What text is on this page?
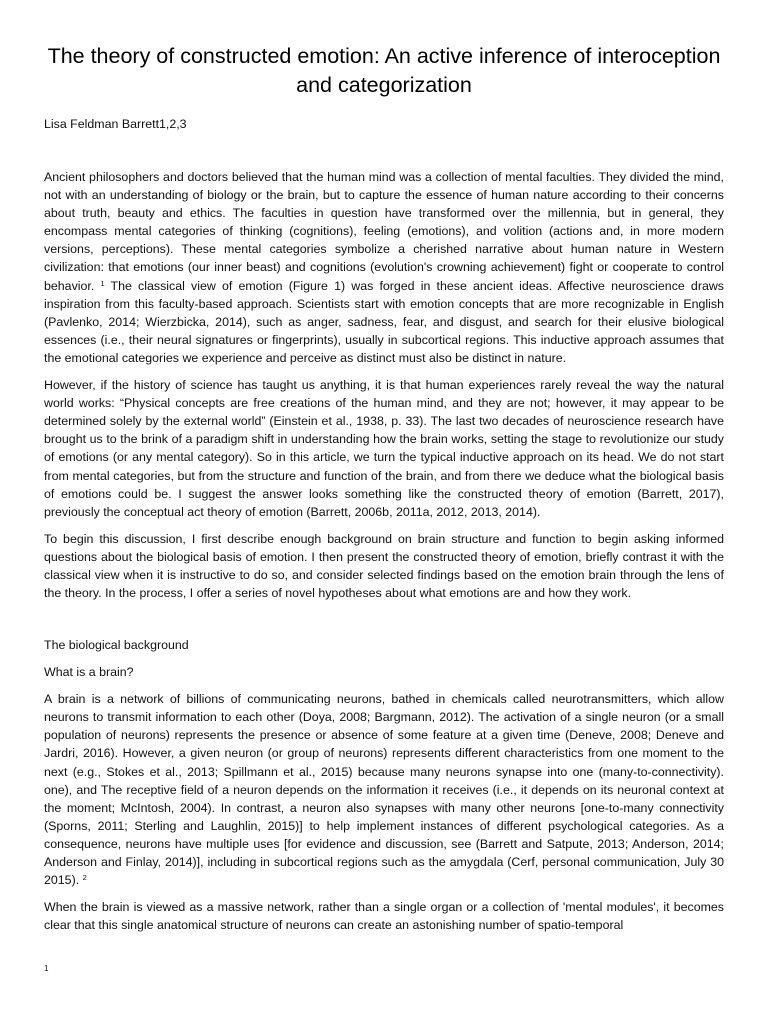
The theory of constructed emotion: An active inference of interoception and categorization

Lisa Feldman Barrett1,2,3

Ancient philosophers and doctors believed that the human mind was a collection of mental faculties. They divided the mind, not with an understanding of biology or the brain, but to capture the essence of human nature according to their concerns about truth, beauty and ethics. The faculties in question have transformed over the millennia, but in general, they encompass mental categories of thinking (cognitions), feeling (emotions), and volition (actions and, in more modern versions, perceptions). These mental categories symbolize a cherished narrative about human nature in Western civilization: that emotions (our inner beast) and cognitions (evolution's crowning achievement) fight or cooperate to control behavior. $^1$ The classical view of emotion (Figure 1) was forged in these ancient ideas. Affective neuroscience draws inspiration from this faculty-based approach. Scientists start with emotion concepts that are more recognizable in English (Pavlenko, 2014; Wierzbicka, 2014), such as anger, sadness, fear, and disgust, and search for their elusive biological essences (i.e., their neural signatures or fingerprints), usually in subcortical regions. This inductive approach assumes that the emotional categories we experience and perceive as distinct must also be distinct in nature.

However, if the history of science has taught us anything, it is that human experiences rarely reveal the way the natural world works: “Physical concepts are free creations of the human mind, and they are not; however, it may appear to be determined solely by the external world” (Einstein et al., 1938, p. 33). The last two decades of neuroscience research have brought us to the brink of a paradigm shift in understanding how the brain works, setting the stage to revolutionize our study of emotions (or any mental category). So in this article, we turn the typical inductive approach on its head. We do not start from mental categories, but from the structure and function of the brain, and from there we deduce what the biological basis of emotions could be. I suggest the answer looks something like the constructed theory of emotion (Barrett, 2017), previously the conceptual act theory of emotion (Barrett, 2006b, 2011a, 2012, 2013, 2014).

To begin this discussion, I first describe enough background on brain structure and function to begin asking informed questions about the biological basis of emotion. I then present the constructed theory of emotion, briefly contrast it with the classical view when it is instructive to do so, and consider selected findings based on the emotion brain through the lens of the theory. In the process, I offer a series of novel hypotheses about what emotions are and how they work.

The biological background

What is a brain?

A brain is a network of billions of communicating neurons, bathed in chemicals called neurotransmitters, which allow neurons to transmit information to each other (Doya, 2008; Bargmann, 2012). The activation of a single neuron (or a small population of neurons) represents the presence or absence of some feature at a given time (Deneve, 2008; Deneve and Jardri, 2016). However, a given neuron (or group of neurons) represents different characteristics from one moment to the next (e.g., Stokes et al., 2013; Spillmann et al., 2015) because many neurons synapse into one (many-to-connectivity). one), and The receptive field of a neuron depends on the information it receives (i.e., it depends on its neuronal context at the moment; McIntosh, 2004). In contrast, a neuron also synapses with many other neurons [one-to-many connectivity (Sporns, 2011; Sterling and Laughlin, 2015)] to help implement instances of different psychological categories. As a consequence, neurons have multiple uses [for evidence and discussion, see (Barrett and Satpute, 2013; Anderson, 2014; Anderson and Finlay, 2014)], including in subcortical regions such as the amygdala (Cerf, personal communication, July 30 2015). $^2$

When the brain is viewed as a massive network, rather than a single organ or a collection of 'mental modules', it becomes clear that this single anatomical structure of neurons can create an astonishing number of spatio-temporal

1
